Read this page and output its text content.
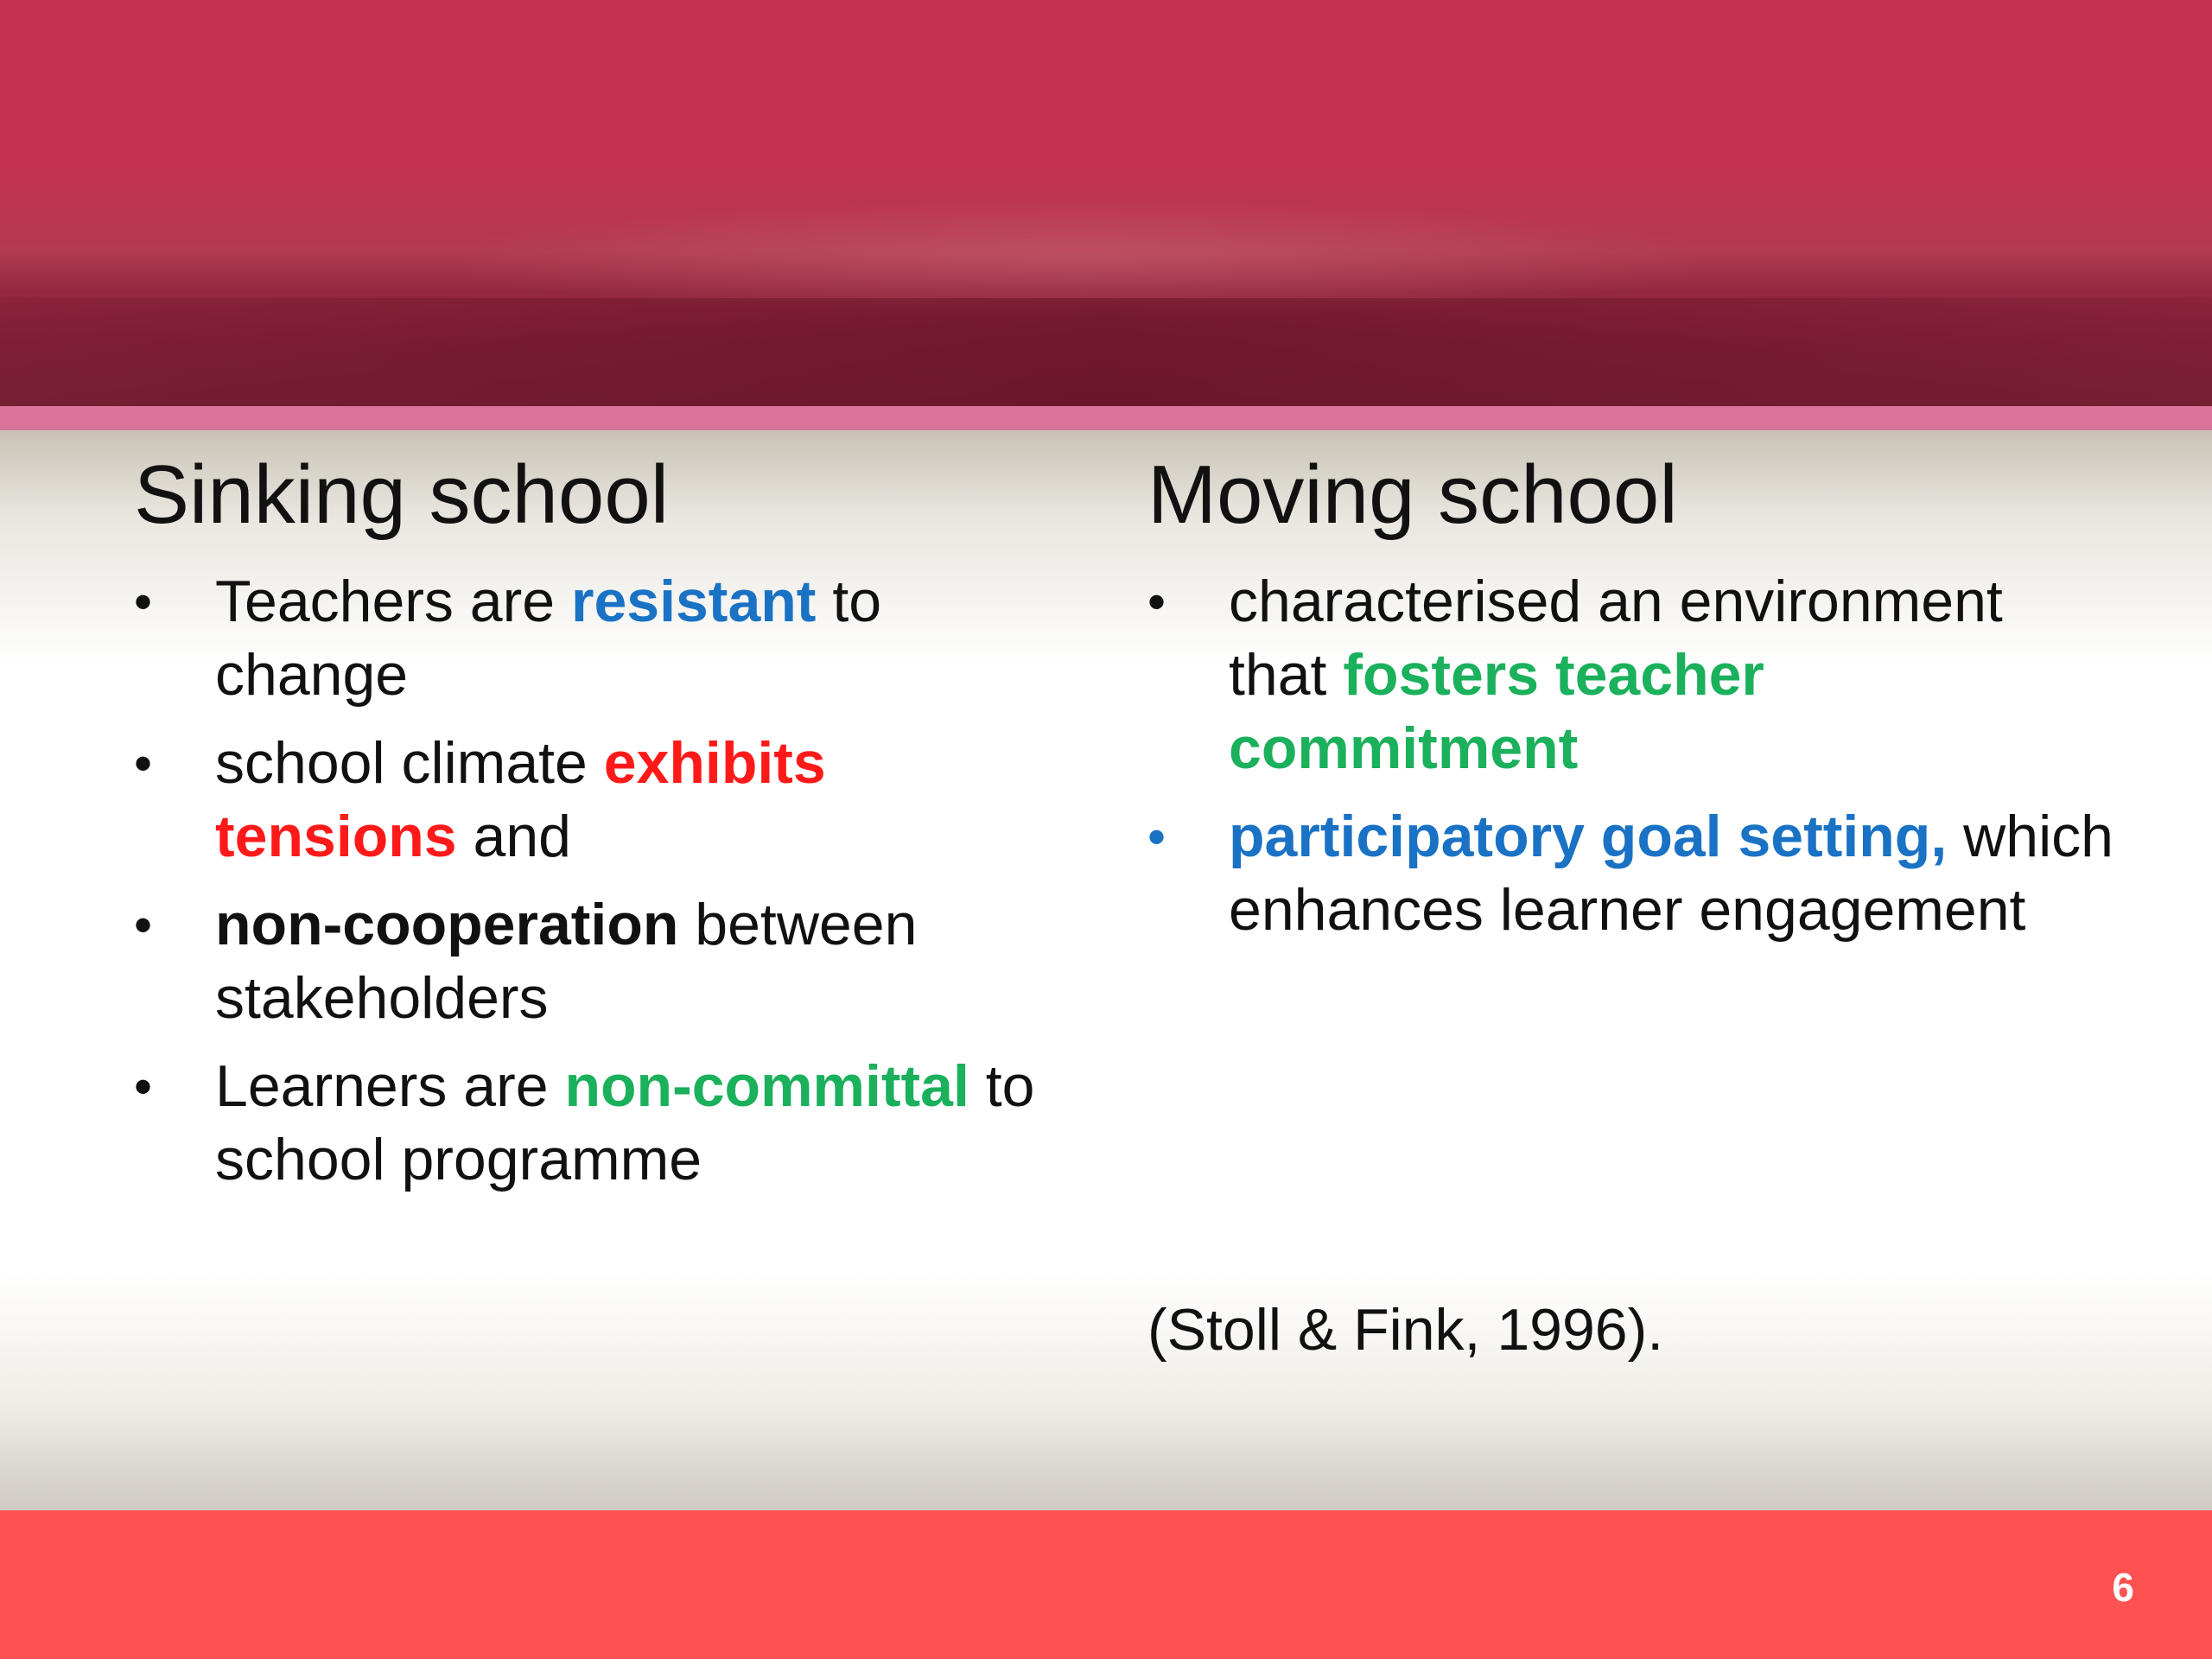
Sinking school
• Teachers are resistant to change
• school climate exhibits tensions and
• non-cooperation between stakeholders
• Learners are non-committal to school programme
Moving school
• characterised an environment that fosters teacher commitment
• participatory goal setting, which enhances learner engagement
(Stoll & Fink, 1996).
6
